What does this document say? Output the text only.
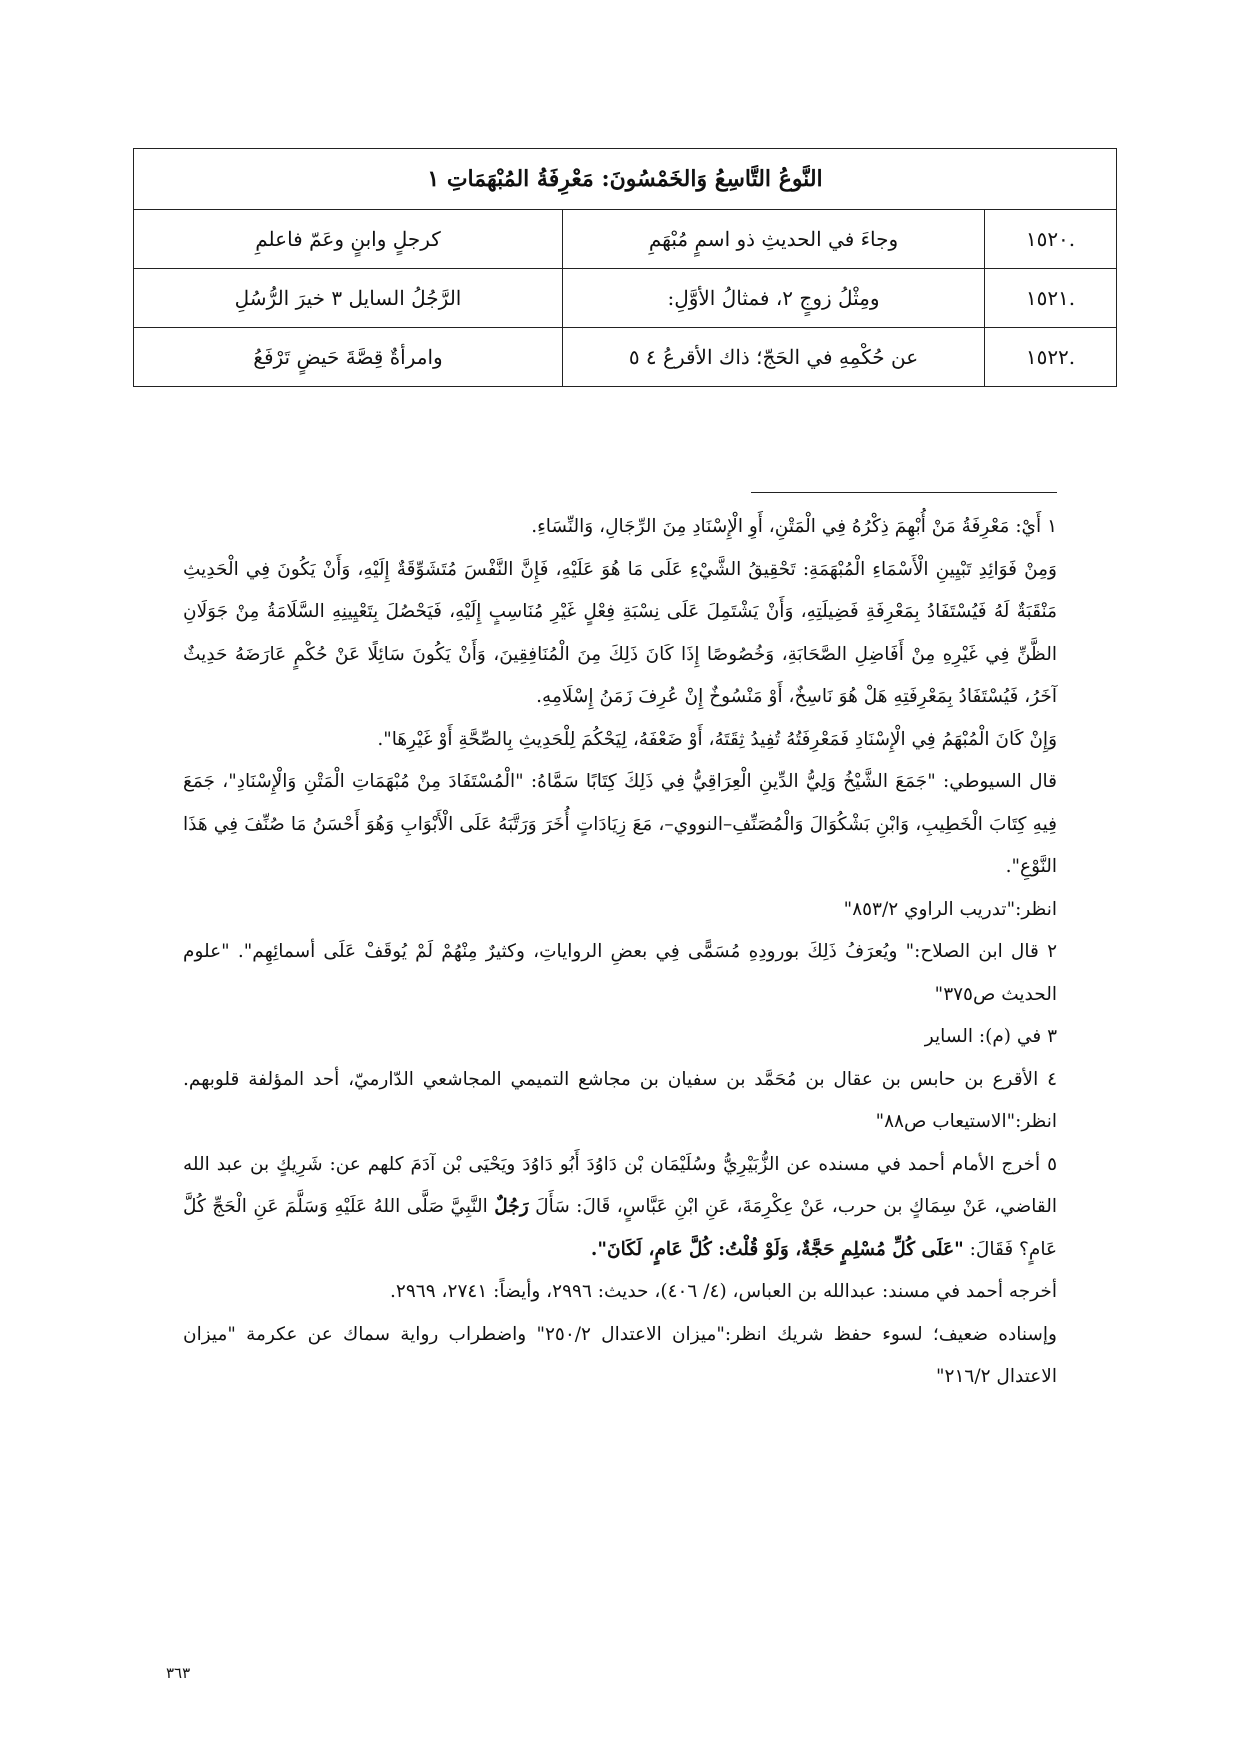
النَّوعُ التَّاسِعُ وَالخَمْسُونَ: مَعْرِفَةُ المُبْهَمَاتِ ١
.١٥٢٠
وجاءَ في الحديثِ ذو اسمٍ مُبْهَمِ
كرجلٍ وابنٍ وعَمّ فاعلمِ
.١٥٢١
ومِثْلُ زوجٍ ٢، فمثالُ الأوَّلِ:
الرَّجُلُ السايل ٣ خيرَ الرُّسُلِ
.١٥٢٢
عن حُكْمِهِ في الحَجّ؛ ذاك الأقرعُ ٤ ٥
وامرأةٌ قِصَّةَ حَيضٍ تَرْفَعُ

١ أَيْ: مَعْرِفَةُ مَنْ أُبْهِمَ ذِكْرُهُ فِي الْمَتْنِ، أَوِ الْإِسْنَادِ مِنَ الرِّجَالِ، وَالنِّسَاءِ.

وَمِنْ فَوَائِدِ تَبْيِينِ الْأَسْمَاءِ الْمُبْهَمَةِ: تَحْقِيقُ الشَّيْءِ عَلَى مَا هُوَ عَلَيْهِ، فَإِنَّ النَّفْسَ مُتَشَوِّقَةٌ إِلَيْهِ، وَأَنْ يَكُونَ فِي الْحَدِيثِ مَنْقَبَةٌ لَهُ فَيُسْتَفَادُ بِمَعْرِفَةِ فَضِيلَتِهِ، وَأَنْ يَشْتَمِلَ عَلَى نِسْبَةِ فِعْلٍ غَيْرِ مُنَاسِبٍ إِلَيْهِ، فَيَحْصُلَ بِتَعْيِينِهِ السَّلَامَةُ مِنْ جَوَلَانِ الظَّنِّ فِي غَيْرِهِ مِنْ أَفَاضِلِ الصَّحَابَةِ، وَخُصُوصًا إِذَا كَانَ ذَلِكَ مِنَ الْمُنَافِقِينَ، وَأَنْ يَكُونَ سَائِلًا عَنْ حُكْمٍ عَارَضَهُ حَدِيثٌ آخَرُ، فَيُسْتَفَادُ بِمَعْرِفَتِهِ هَلْ هُوَ نَاسِخٌ، أَوْ مَنْسُوخٌ إِنْ عُرِفَ زَمَنُ إِسْلَامِهِ.

وَإِنْ كَانَ الْمُبْهَمُ فِي الْإِسْنَادِ فَمَعْرِفَتُهُ تُفِيدُ ثِقَتَهُ، أَوْ ضَعْفَهُ، لِيَحْكُمَ لِلْحَدِيثِ بِالصِّحَّةِ أَوْ غَيْرِهَا".

قال السيوطي: "جَمَعَ الشَّيْخُ وَلِيُّ الدِّينِ الْعِرَاقِيُّ فِي ذَلِكَ كِتَابًا سَمَّاهُ: "الْمُسْتَفَادَ مِنْ مُبْهَمَاتِ الْمَتْنِ وَالْإِسْنَادِ"، جَمَعَ فِيهِ كِتَابَ الْخَطِيبِ، وَابْنِ بَشْكُوَالَ وَالْمُصَنِّفِ–النووي–، مَعَ زِيَادَاتٍ أُخَرَ وَرَتَّبَهُ عَلَى الْأَبْوَابِ وَهُوَ أَحْسَنُ مَا صُنِّفَ فِي هَذَا النَّوْعِ".

انظر:"تدريب الراوي ٨٥٣/٢"

٢ قال ابن الصلاح:" ويُعرَفُ ذَلِكَ بورودِهِ مُسَمًّى فِي بعضِ الرواياتِ، وكثيرٌ مِنْهُمْ لَمْ يُوقَفْ عَلَى أسمائِهِم". "علوم الحديث ص٣٧٥"

٣ في (م): الساير

٤ الأقرع بن حابس بن عقال بن مُحَمَّد بن سفيان بن مجاشع التميمي المجاشعي الدّارميّ، أحد المؤلفة قلوبهم. انظر:"الاستيعاب ص٨٨"

٥ أخرج الأمام أحمد في مسنده عن الزُّبَيْرِيُّ وسُلَيْمَان بْن دَاوُدَ أَبُو دَاوُدَ ويَحْيَى بْن آدَمَ كلهم عن: شَرِيكٍ بن عبد الله القاضي، عَنْ سِمَاكٍ بن حرب، عَنْ عِكْرِمَةَ، عَنِ ابْنِ عَبَّاسٍ، قَالَ: سَأَلَ رَجُلٌ النَّبِيَّ صَلَّى اللهُ عَلَيْهِ وَسَلَّمَ عَنِ الْحَجِّ كُلَّ عَامٍ؟ فَقَالَ: "عَلَى كُلِّ مُسْلِمٍ حَجَّةٌ، وَلَوْ قُلْتُ: كُلَّ عَامٍ، لَكَانَ".

أخرجه أحمد في مسند: عبدالله بن العباس، (٤/ ٤٠٦)، حديث: ٢٩٩٦، وأيضاً: ٢٧٤١، ٢٩٦٩.

وإسناده ضعيف؛ لسوء حفظ شريك انظر:"ميزان الاعتدال ٢٥٠/٢" واضطراب رواية سماك عن عكرمة "ميزان الاعتدال ٢١٦/٢"

٣٦٣
